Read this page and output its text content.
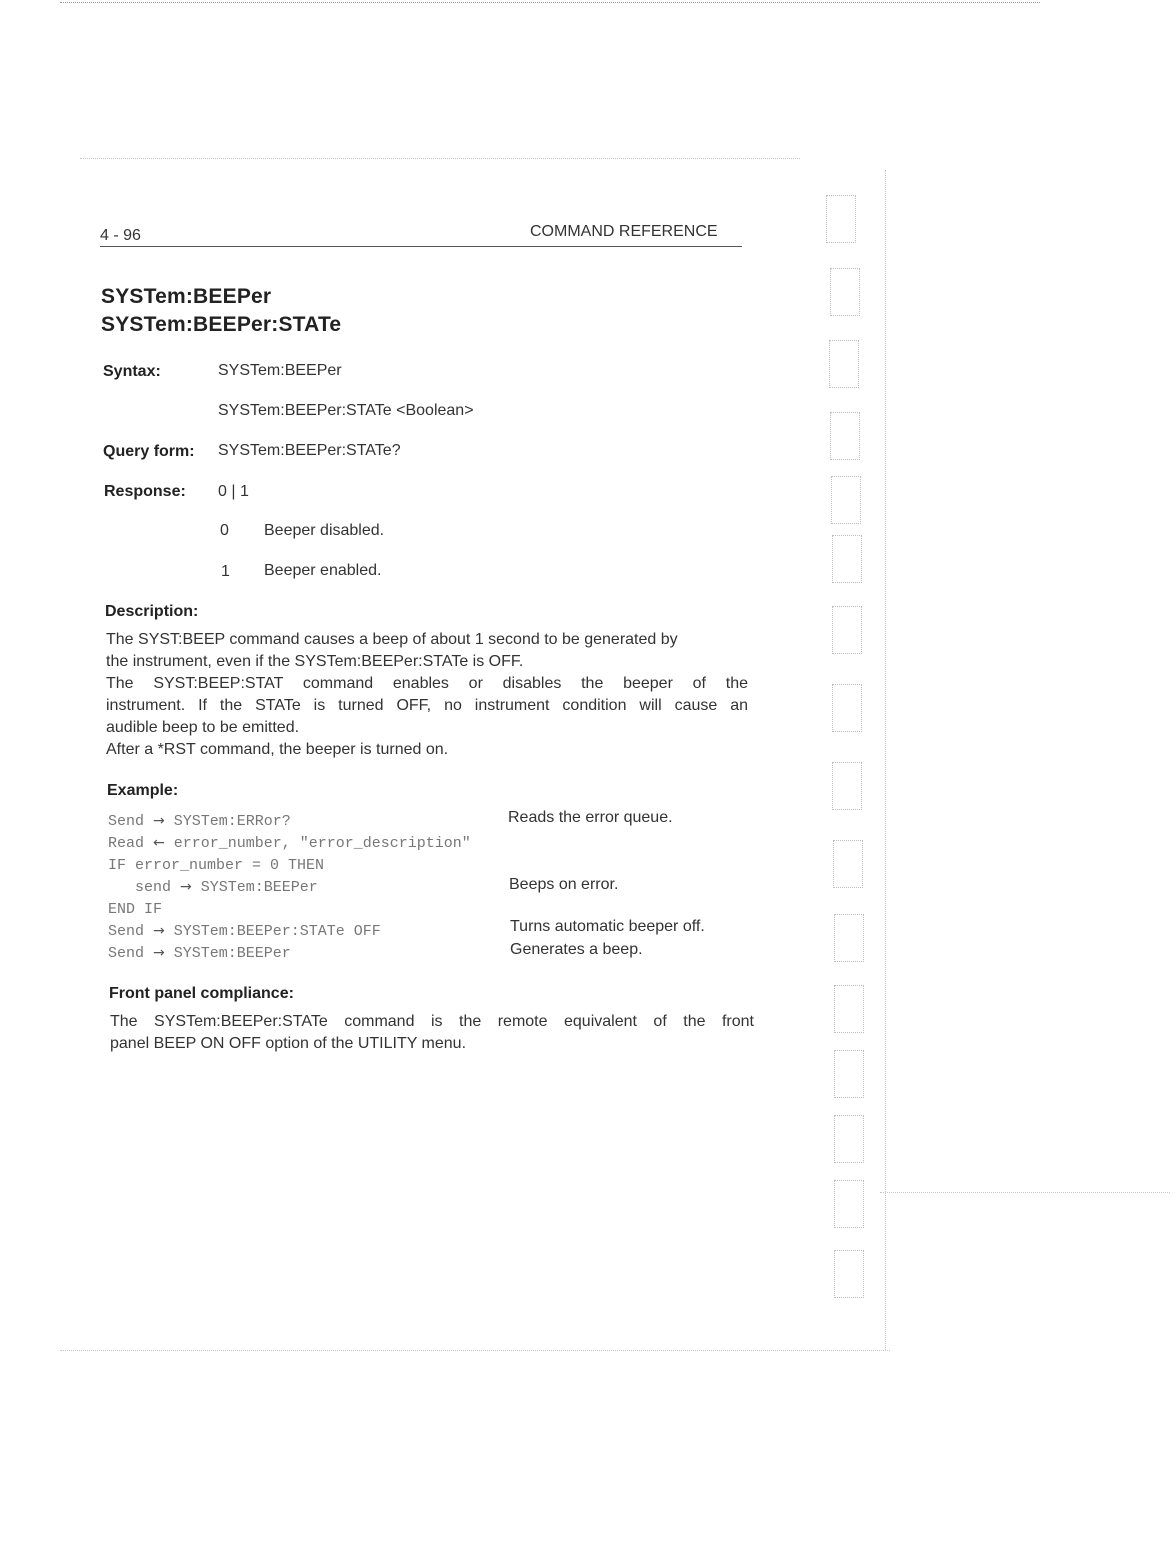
4 - 96	COMMAND REFERENCE
SYSTem:BEEPer
SYSTem:BEEPer:STATe
Syntax:	SYSTem:BEEPer
SYSTem:BEEPer:STATe <Boolean>
Query form: SYSTem:BEEPer:STATe?
Response: 0 | 1
0 Beeper disabled.
1 Beeper enabled.
Description:
The SYST:BEEP command causes a beep of about 1 second to be generated by
the instrument, even if the SYSTem:BEEPer:STATe is OFF.
The SYST:BEEP:STAT command enables or disables the beeper of the
instrument. If the STATe is turned OFF, no instrument condition will cause an
audible beep to be emitted.
After a *RST command, the beeper is turned on.
Example:
Send → SYSTem:ERRor?	Reads the error queue.
Read ← error_number, "error_description"
IF error_number = 0 THEN
send → SYSTem:BEEPer	Beeps on error.
END IF
Send → SYSTem:BEEPer:STATe OFF	Turns automatic beeper off.
Send → SYSTem:BEEPer	Generates a beep.
Front panel compliance:
The SYSTem:BEEPer:STATe command is the remote equivalent of the front
panel BEEP ON OFF option of the UTILITY menu.
